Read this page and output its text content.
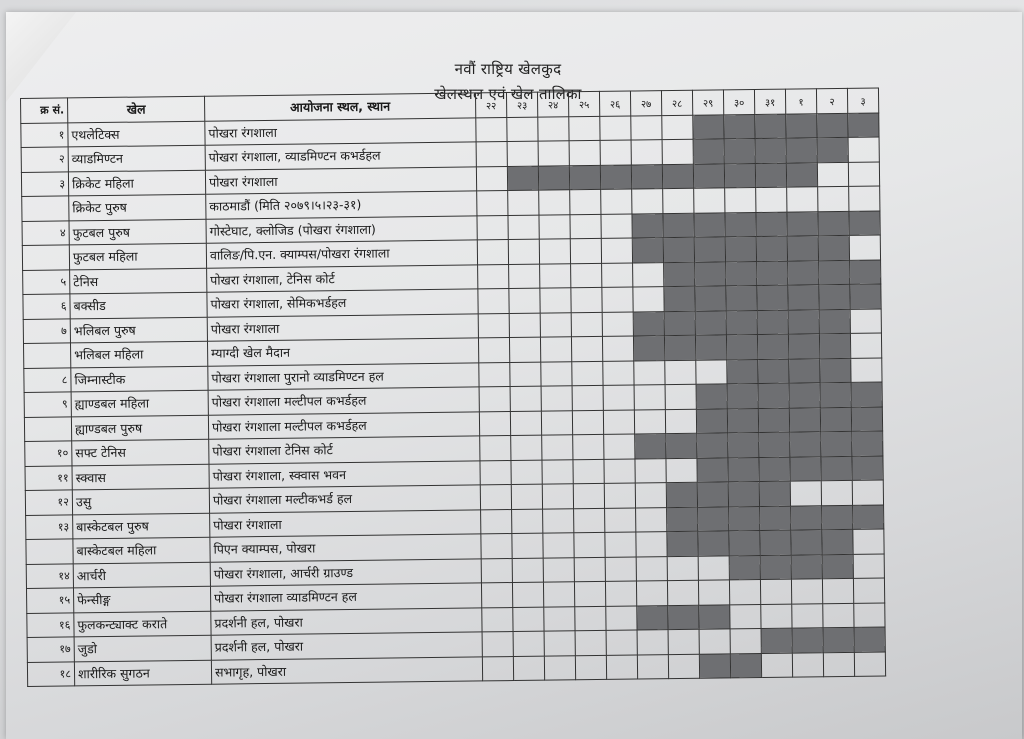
नवौं राष्ट्रिय खेलकुद
खेलस्थल एवं खेल तालिका
क्र सं.	खेल	आयोजना स्थल, स्थान	२२	२३	२४	२५	२६	२७	२८	२९	३०	३१	१	२	३
१	एथलेटिक्स	पोखरा रंगशाला													
२	व्याडमिण्टन	पोखरा रंगशाला, व्याडमिण्टन कभर्डहल													
३	क्रिकेट महिला	पोखरा रंगशाला													
	क्रिकेट पुरुष	काठमाडौं (मिति २०७९।५।२३-३१)													
४	फुटबल पुरुष	गोस्टेघाट, क्लोजिड (पोखरा रंगशाला)													
	फुटबल महिला	वालिङ/पि.एन. क्याम्पस/पोखरा रंगशाला													
५	टेनिस	पोखरा रंगशाला, टेनिस कोर्ट													
६	बक्सीड	पोखरा रंगशाला, सेमिकभर्डहल													
७	भलिबल पुरुष	पोखरा रंगशाला													
	भलिबल महिला	म्याग्दी खेल मैदान													
८	जिम्नास्टीक	पोखरा रंगशाला पुरानो व्याडमिण्टन हल													
९	ह्याण्डबल महिला	पोखरा रंगशाला मल्टीपल कभर्डहल													
	ह्याण्डबल पुरुष	पोखरा रंगशाला मल्टीपल कभर्डहल													
१०	सफ्ट टेनिस	पोखरा रंगशाला टेनिस कोर्ट													
११	स्क्वास	पोखरा रंगशाला, स्क्वास भवन													
१२	उसु	पोखरा रंगशाला मल्टीकभर्ड हल													
१३	बास्केटबल पुरुष	पोखरा रंगशाला													
	बास्केटबल महिला	पिएन क्याम्पस, पोखरा													
१४	आर्चरी	पोखरा रंगशाला, आर्चरी ग्राउण्ड													
१५	फेन्सीङ्ग	पोखरा रंगशाला व्याडमिण्टन हल													
१६	फुलकन्ट्याक्ट कराते	प्रदर्शनी हल, पोखरा													
१७	जुडो	प्रदर्शनी हल, पोखरा													
१८	शारीरिक सुगठन	सभागृह, पोखरा													
